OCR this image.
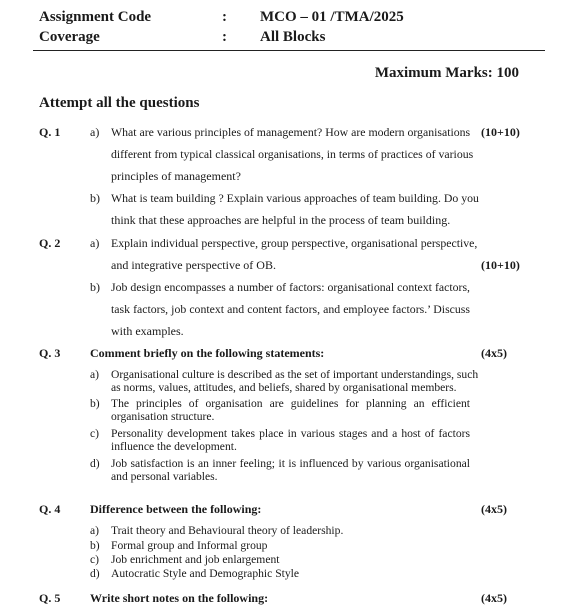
Assignment Code	: MCO – 01 /TMA/2025
Coverage	: All Blocks
Maximum Marks: 100
Attempt all the questions
Q. 1 a) What are various principles of management? How are modern organisations (10+10)
different from typical classical organisations, in terms of practices of various
principles of management?
b) What is team building ? Explain various approaches of team building. Do you
think that these approaches are helpful in the process of team building.
Q. 2 a) Explain individual perspective, group perspective, organisational perspective,
and integrative perspective of OB.	(10+10)
b) Job design encompasses a number of factors: organisational context factors,
task factors, job context and content factors, and employee factors.’ Discuss
with examples.
Q. 3 Comment briefly on the following statements:	(4x5)
a) Organisational culture is described as the set of important understandings, such
as norms, values, attitudes, and beliefs, shared by organisational members.
b) The principles of organisation are guidelines for planning an efficient
organisation structure.
c) Personality development takes place in various stages and a host of factors
influence the development.
d) Job satisfaction is an inner feeling; it is influenced by various organisational
and personal variables.
Q. 4 Difference between the following:	(4x5)
a) Trait theory and Behavioural theory of leadership.
b) Formal group and Informal group
c) Job enrichment and job enlargement
d) Autocratic Style and Demographic Style
Q. 5 Write short notes on the following:	(4x5)
